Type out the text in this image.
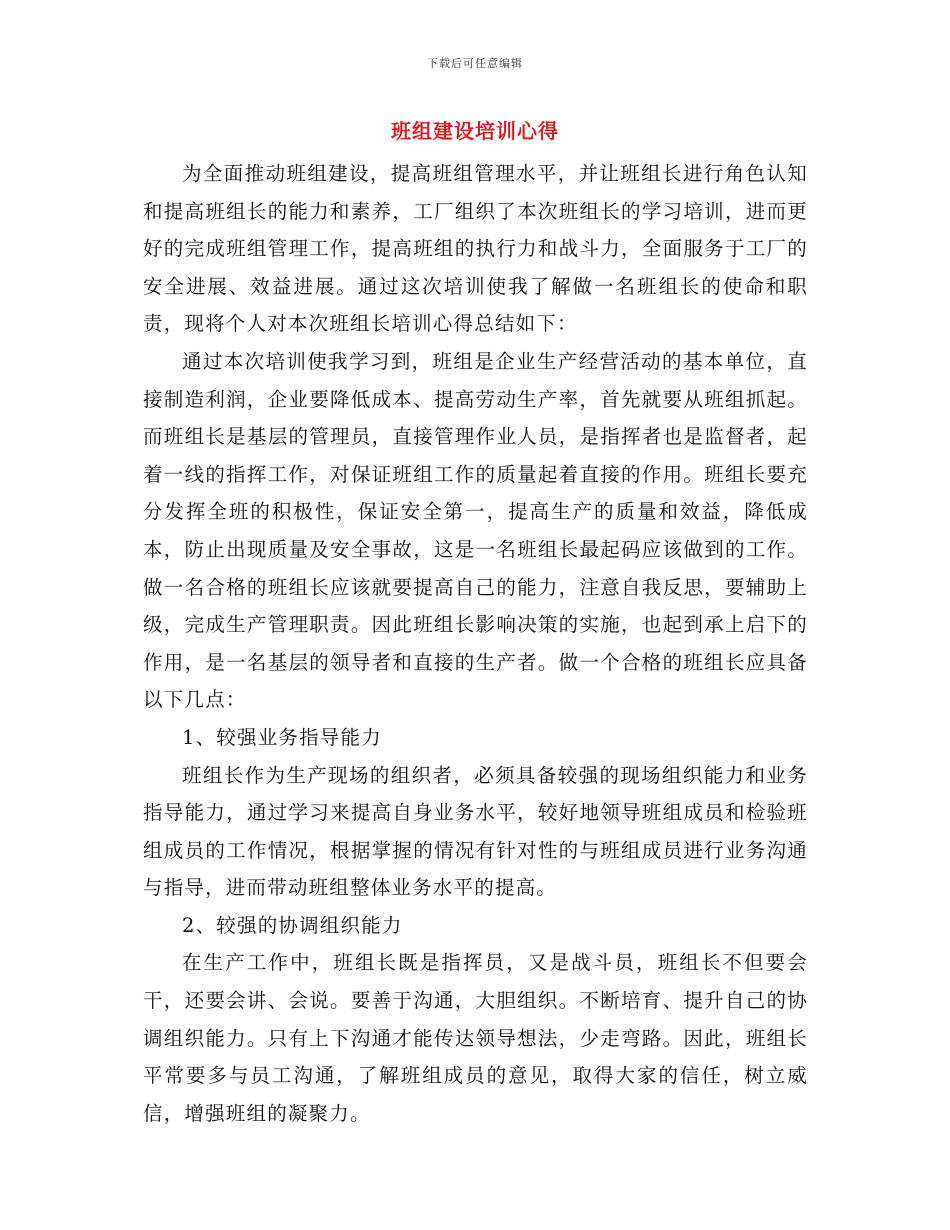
下载后可任意编辑
班组建设培训心得

为全面推动班组建设，提高班组管理水平，并让班组长进行角色认知和提高班组长的能力和素养，工厂组织了本次班组长的学习培训，进而更好的完成班组管理工作，提高班组的执行力和战斗力，全面服务于工厂的安全进展、效益进展。通过这次培训使我了解做一名班组长的使命和职责，现将个人对本次班组长培训心得总结如下：

通过本次培训使我学习到，班组是企业生产经营活动的基本单位，直接制造利润，企业要降低成本、提高劳动生产率，首先就要从班组抓起。而班组长是基层的管理员，直接管理作业人员，是指挥者也是监督者，起着一线的指挥工作，对保证班组工作的质量起着直接的作用。班组长要充分发挥全班的积极性，保证安全第一，提高生产的质量和效益，降低成本，防止出现质量及安全事故，这是一名班组长最起码应该做到的工作。做一名合格的班组长应该就要提高自己的能力，注意自我反思，要辅助上级，完成生产管理职责。因此班组长影响决策的实施，也起到承上启下的作用，是一名基层的领导者和直接的生产者。做一个合格的班组长应具备以下几点：

1、较强业务指导能力

班组长作为生产现场的组织者，必须具备较强的现场组织能力和业务指导能力，通过学习来提高自身业务水平，较好地领导班组成员和检验班组成员的工作情况，根据掌握的情况有针对性的与班组成员进行业务沟通与指导，进而带动班组整体业务水平的提高。

2、较强的协调组织能力

在生产工作中，班组长既是指挥员，又是战斗员，班组长不但要会干，还要会讲、会说。要善于沟通，大胆组织。不断培育、提升自己的协调组织能力。只有上下沟通才能传达领导想法，少走弯路。因此，班组长平常要多与员工沟通，了解班组成员的意见，取得大家的信任，树立威信，增强班组的凝聚力。
